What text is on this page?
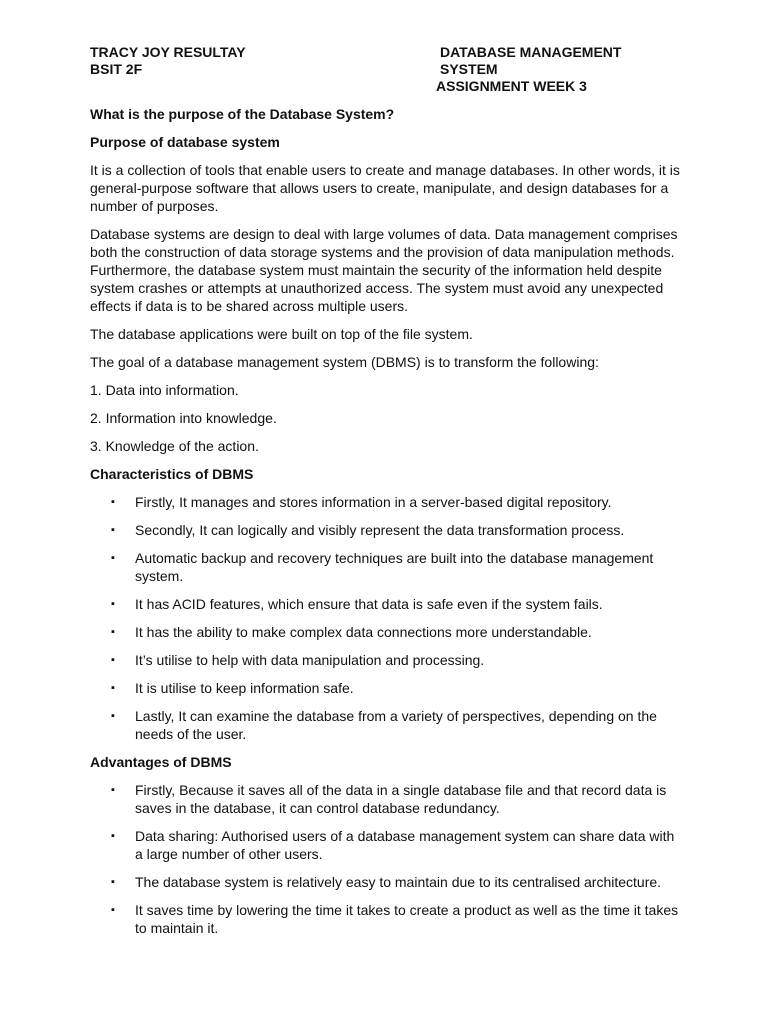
TRACY JOY RESULTAY
BSIT 2F
DATABASE MANAGEMENT SYSTEM
ASSIGNMENT WEEK 3

What is the purpose of the Database System?

Purpose of database system

It is a collection of tools that enable users to create and manage databases. In other words, it is general-purpose software that allows users to create, manipulate, and design databases for a number of purposes.

Database systems are design to deal with large volumes of data. Data management comprises both the construction of data storage systems and the provision of data manipulation methods. Furthermore, the database system must maintain the security of the information held despite system crashes or attempts at unauthorized access. The system must avoid any unexpected effects if data is to be shared across multiple users.

The database applications were built on top of the file system.

The goal of a database management system (DBMS) is to transform the following:

1. Data into information.

2. Information into knowledge.

3. Knowledge of the action.

Characteristics of DBMS

▪ Firstly, It manages and stores information in a server-based digital repository.
▪ Secondly, It can logically and visibly represent the data transformation process.
▪ Automatic backup and recovery techniques are built into the database management system.
▪ It has ACID features, which ensure that data is safe even if the system fails.
▪ It has the ability to make complex data connections more understandable.
▪ It’s utilise to help with data manipulation and processing.
▪ It is utilise to keep information safe.
▪ Lastly, It can examine the database from a variety of perspectives, depending on the needs of the user.

Advantages of DBMS

▪ Firstly, Because it saves all of the data in a single database file and that record data is saves in the database, it can control database redundancy.
▪ Data sharing: Authorised users of a database management system can share data with a large number of other users.
▪ The database system is relatively easy to maintain due to its centralised architecture.
▪ It saves time by lowering the time it takes to create a product as well as the time it takes to maintain it.
